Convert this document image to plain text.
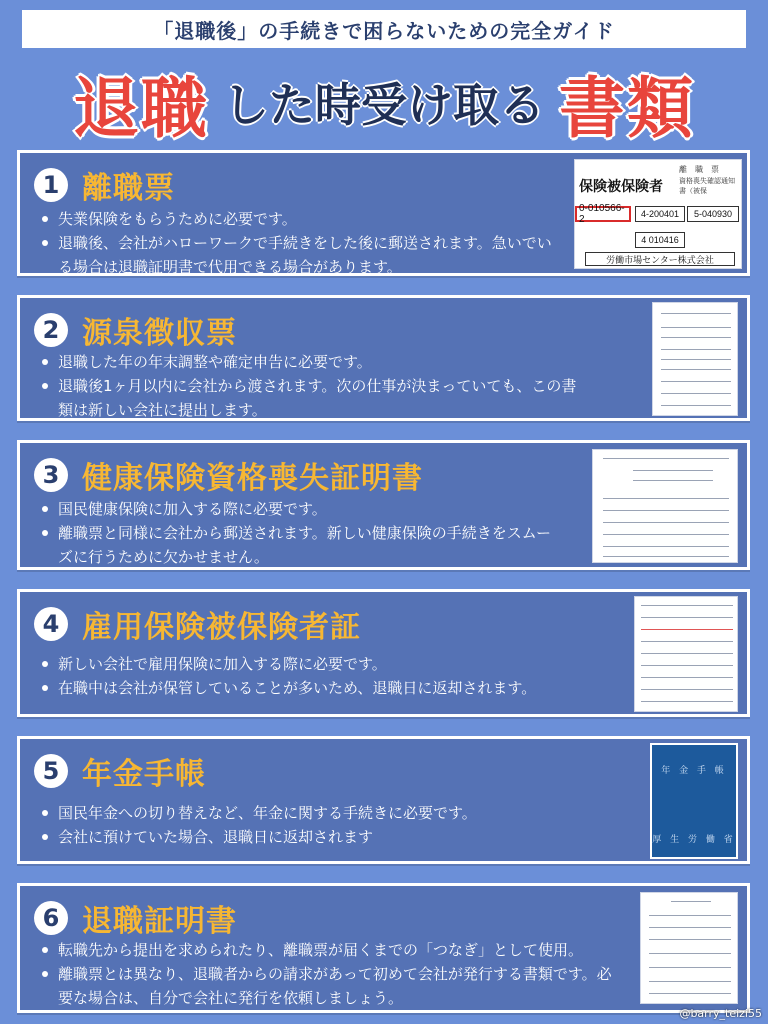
「退職後」の手続きで困らないための完全ガイド
退職 した時受け取る 書類
1 離職票
失業保険をもらうために必要です。
退職後、会社がハローワークで手続きをした後に郵送されます。急いでいる場合は退職証明書で代用できる場合があります。
保険被保険者
離　職　票
資格喪失確認通知書（被保
0-010566-2	4-200401	5-040930
4 010416
労働市場センター株式会社
2 源泉徴収票
退職した年の年末調整や確定申告に必要です。
退職後1ヶ月以内に会社から渡されます。次の仕事が決まっていても、この書類は新しい会社に提出します。
3 健康保険資格喪失証明書
国民健康保険に加入する際に必要です。
離職票と同様に会社から郵送されます。新しい健康保険の手続きをスムーズに行うために欠かせません。
4 雇用保険被保険者証
新しい会社で雇用保険に加入する際に必要です。
在職中は会社が保管していることが多いため、退職日に返却されます。
5 年金手帳
国民年金への切り替えなど、年金に関する手続きに必要です。
会社に預けていた場合、退職日に返却されます
年 金 手 帳
厚 生 労 働 省
6 退職証明書
転職先から提出を求められたり、離職票が届くまでの「つなぎ」として使用。
離職票とは異なり、退職者からの請求があって初めて会社が発行する書類です。必要な場合は、自分で会社に発行を依頼しましょう。
@barry_teizi55
